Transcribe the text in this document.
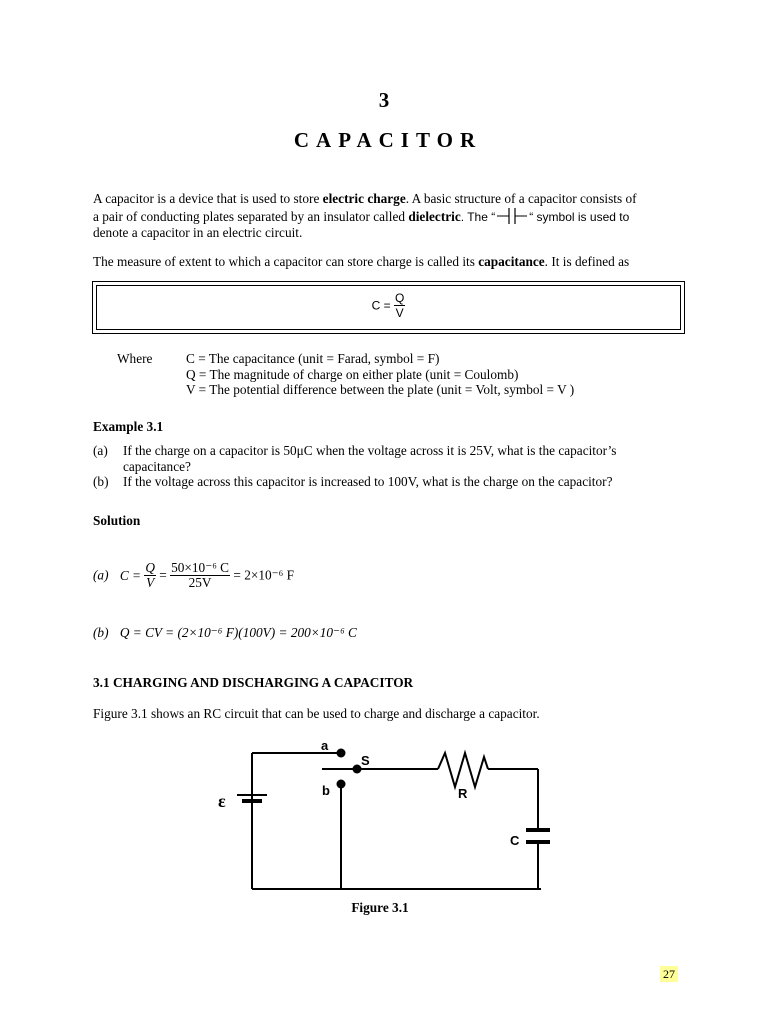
3
CAPACITOR
A capacitor is a device that is used to store electric charge. A basic structure of a capacitor consists of
a pair of conducting plates separated by an insulator called dielectric. The “	“ symbol is used to
denote a capacitor in an electric circuit.
The measure of extent to which a capacitor can store charge is called its capacitance. It is defined as
$C = \frac{Q}{V}$
Where	C = The capacitance (unit = Farad, symbol = F)
Q = The magnitude of charge on either plate (unit = Coulomb)
V = The potential difference between the plate (unit = Volt, symbol = V )
Example 3.1
(a) If the charge on a capacitor is 50μC when the voltage across it is 25V, what is the capacitor’s
capacitance?
(b) If the voltage across this capacitor is increased to 100V, what is the charge on the capacitor?
Solution
(a) $C = \frac{Q}{V} = \frac{\text{50×10⁻⁶ C}}{25V} = 2\times 10^{-6}$ F
(b) Q = CV = (2×10⁻⁶ F)(100V) = 200×10⁻⁶ C
3.1 CHARGING AND DISCHARGING A CAPACITOR
Figure 3.1 shows an RC circuit that can be used to charge and discharge a capacitor.
a
S
b	R
C
ε
Figure 3.1
27
